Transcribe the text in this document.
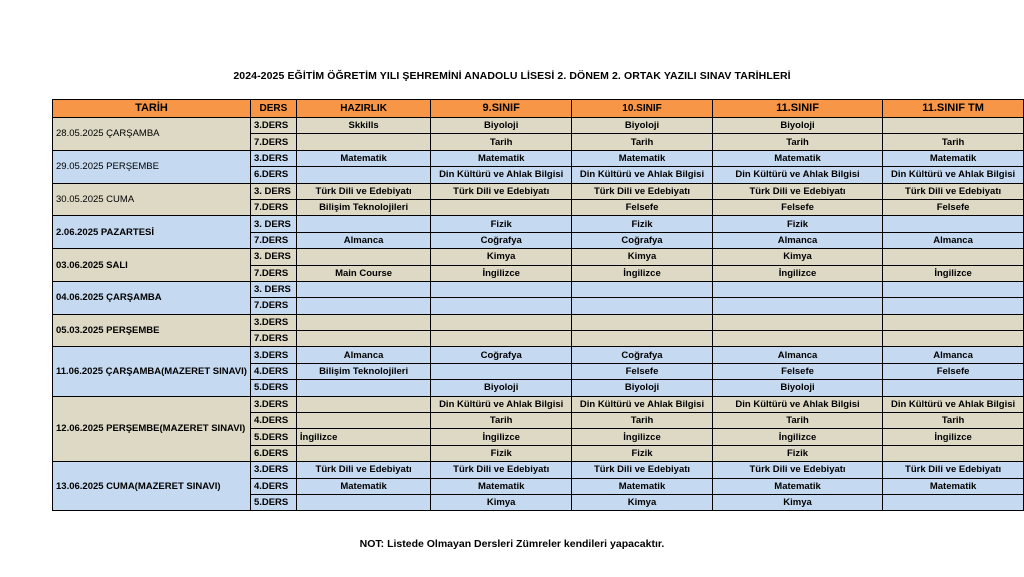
2024-2025 EĞİTİM ÖĞRETİM YILI ŞEHREMİNİ ANADOLU LİSESİ 2. DÖNEM 2. ORTAK YAZILI SINAV TARİHLERİ
TARİH	DERS	HAZIRLIK	9.SINIF	10.SINIF	11.SINIF	11.SINIF TM
28.05.2025 ÇARŞAMBA	3.DERS	Skkills	Biyoloji	Biyoloji	Biyoloji	
	7.DERS		Tarih	Tarih	Tarih	Tarih
29.05.2025 PERŞEMBE	3.DERS	Matematik	Matematik	Matematik	Matematik	Matematik
	6.DERS		Din Kültürü ve Ahlak Bilgisi	Din Kültürü ve Ahlak Bilgisi	Din Kültürü ve Ahlak Bilgisi	Din Kültürü ve Ahlak Bilgisi
30.05.2025 CUMA	3. DERS	Türk Dili ve Edebiyatı	Türk Dili ve Edebiyatı	Türk Dili ve Edebiyatı	Türk Dili ve Edebiyatı	Türk Dili ve Edebiyatı
	7.DERS	Bilişim Teknolojileri		Felsefe	Felsefe	Felsefe
2.06.2025 PAZARTESİ	3. DERS		Fizik	Fizik	Fizik	
	7.DERS	Almanca	Coğrafya	Coğrafya	Almanca	Almanca
03.06.2025 SALI	3. DERS		Kimya	Kimya	Kimya	
	7.DERS	Main Course	İngilizce	İngilizce	İngilizce	İngilizce
04.06.2025 ÇARŞAMBA	3. DERS					
	7.DERS					
05.03.2025 PERŞEMBE	3.DERS					
	7.DERS					
11.06.2025 ÇARŞAMBA(MAZERET SINAVI)	3.DERS	Almanca	Coğrafya	Coğrafya	Almanca	Almanca
	4.DERS	Bilişim Teknolojileri		Felsefe	Felsefe	Felsefe
	5.DERS		Biyoloji	Biyoloji	Biyoloji	
12.06.2025 PERŞEMBE(MAZERET SINAVI)	3.DERS		Din Kültürü ve Ahlak Bilgisi	Din Kültürü ve Ahlak Bilgisi	Din Kültürü ve Ahlak Bilgisi	Din Kültürü ve Ahlak Bilgisi
	4.DERS		Tarih	Tarih	Tarih	Tarih
	5.DERS	İngilizce	İngilizce	İngilizce	İngilizce	İngilizce
	6.DERS		Fizik	Fizik	Fizik	
13.06.2025 CUMA(MAZERET SINAVI)	3.DERS	Türk Dili ve Edebiyatı	Türk Dili ve Edebiyatı	Türk Dili ve Edebiyatı	Türk Dili ve Edebiyatı	Türk Dili ve Edebiyatı
	4.DERS	Matematik	Matematik	Matematik	Matematik	Matematik
	5.DERS		Kimya	Kimya	Kimya	
NOT: Listede Olmayan Dersleri Zümreler kendileri yapacaktır.
